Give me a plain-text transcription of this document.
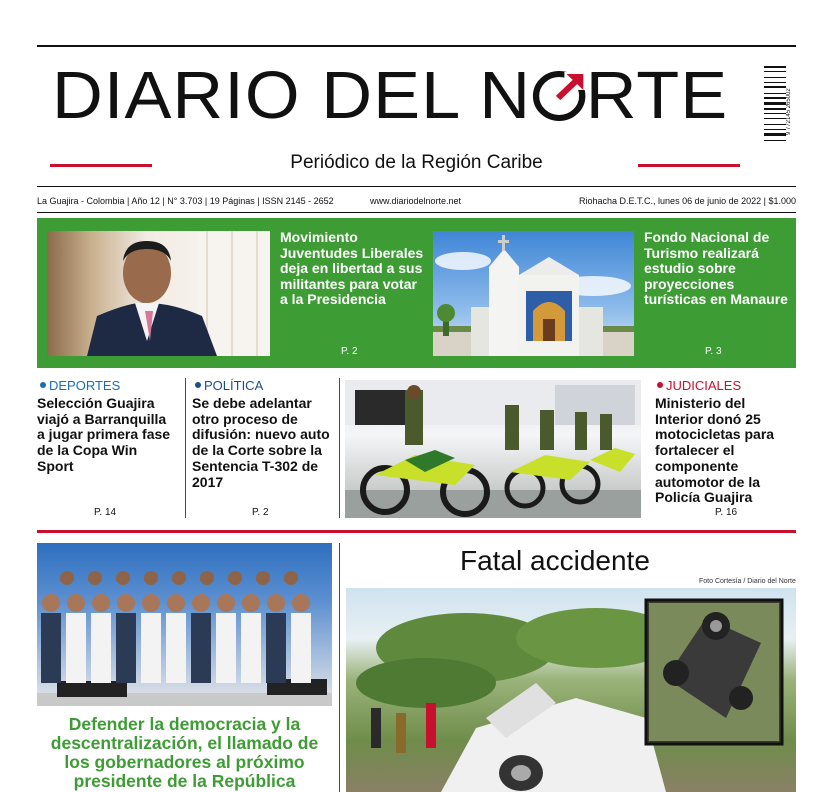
DIARIO DEL N RTE	9 772145 265002
Periódico de la Región Caribe
La Guajira - Colombia | Año 12 | N° 3.703 | 19 Páginas | ISSN 2145 - 2652	www.diariodelnorte.net	Riohacha D.E.T.C., lunes 06 de junio de 2022 | $1.000
Movimiento Juventudes Liberales deja en libertad a sus militantes para votar a la Presidencia
P. 2
Fondo Nacional de Turismo realizará estudio sobre proyecciones turísticas en Manaure
P. 3
DEPORTES
Selección Guajira viajó a Barranquilla a jugar primera fase de la Copa Win Sport
P. 14
POLÍTICA
Se debe adelantar otro proceso de difusión: nuevo auto de la Corte sobre la Sentencia T-302 de 2017
P. 2
JUDICIALES
Ministerio del Interior donó 25 motocicletas para fortalecer el componente automotor de la Policía Guajira
P. 16
Defender la democracia y la descentralización, el llamado de los gobernadores al próximo presidente de la República
Fatal accidente
Foto Cortesía / Diario del Norte
